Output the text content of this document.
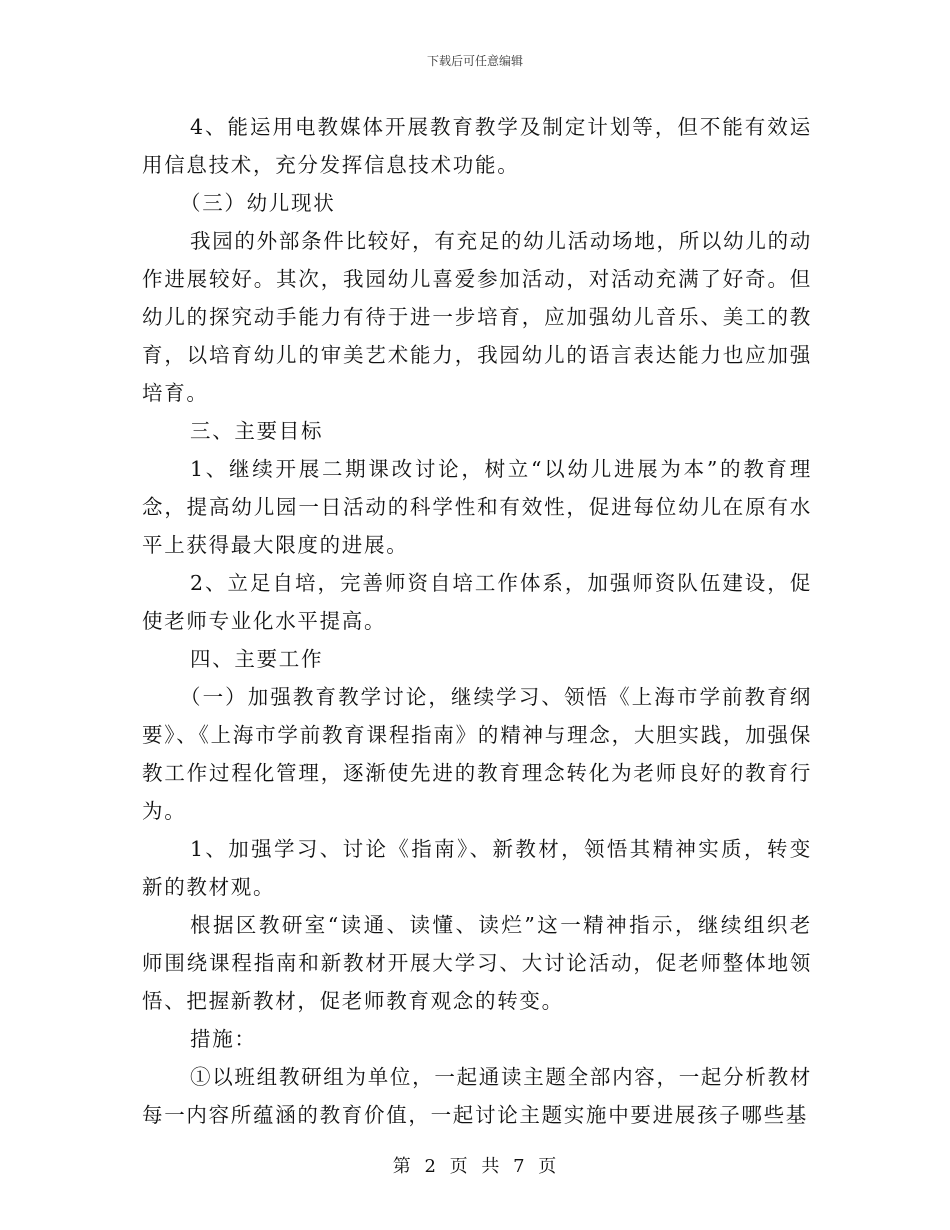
下载后可任意编辑

4、能运用电教媒体开展教育教学及制定计划等，但不能有效运用信息技术，充分发挥信息技术功能。

（三）幼儿现状

我园的外部条件比较好，有充足的幼儿活动场地，所以幼儿的动作进展较好。其次，我园幼儿喜爱参加活动，对活动充满了好奇。但幼儿的探究动手能力有待于进一步培育，应加强幼儿音乐、美工的教育，以培育幼儿的审美艺术能力，我园幼儿的语言表达能力也应加强培育。

三、主要目标

1、继续开展二期课改讨论，树立“以幼儿进展为本”的教育理念，提高幼儿园一日活动的科学性和有效性，促进每位幼儿在原有水平上获得最大限度的进展。

2、立足自培，完善师资自培工作体系，加强师资队伍建设，促使老师专业化水平提高。

四、主要工作

（一）加强教育教学讨论，继续学习、领悟《上海市学前教育纲要》、《上海市学前教育课程指南》的精神与理念，大胆实践，加强保教工作过程化管理，逐渐使先进的教育理念转化为老师良好的教育行为。

1、加强学习、讨论《指南》、新教材，领悟其精神实质，转变新的教材观。

根据区教研室“读通、读懂、读烂”这一精神指示，继续组织老师围绕课程指南和新教材开展大学习、大讨论活动，促老师整体地领悟、把握新教材，促老师教育观念的转变。

措施：

①以班组教研组为单位，一起通读主题全部内容，一起分析教材每一内容所蕴涵的教育价值，一起讨论主题实施中要进展孩子哪些基

第 2 页 共 7 页
